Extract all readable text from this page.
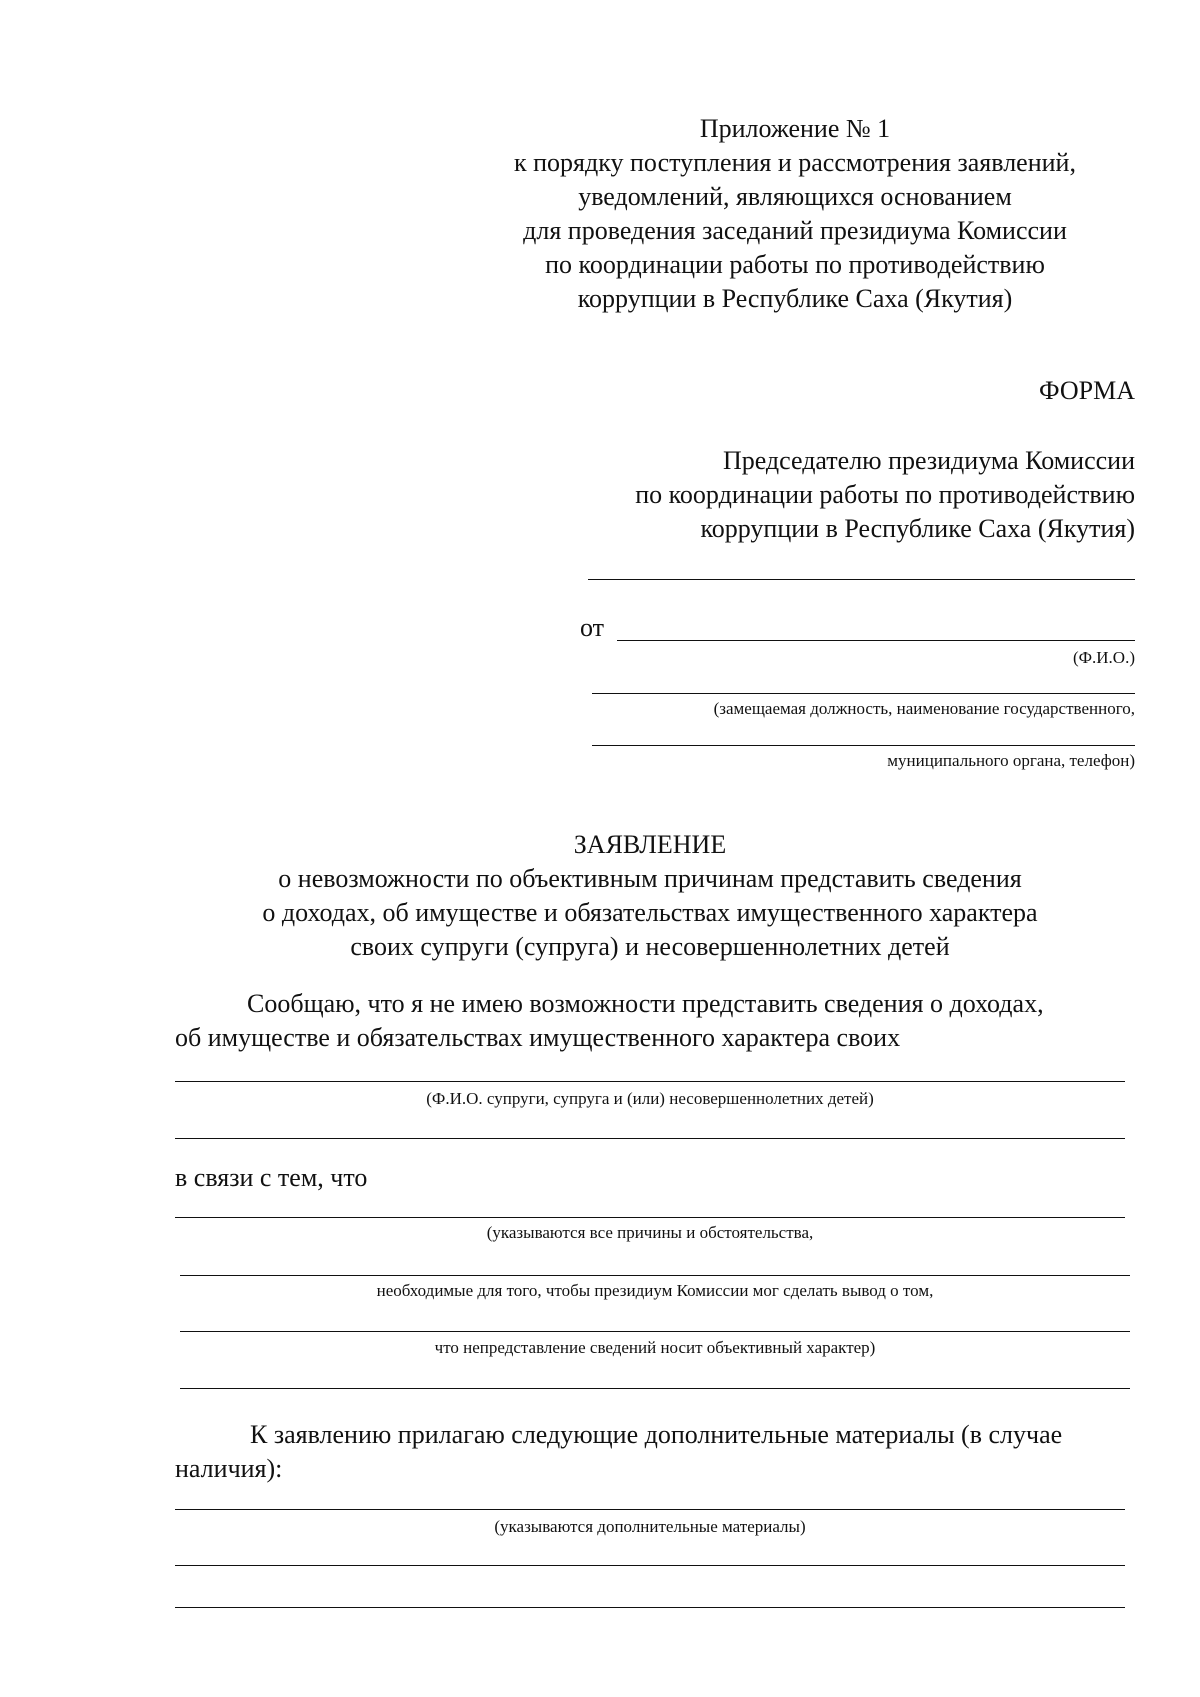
Приложение № 1
к порядку поступления и рассмотрения заявлений,
уведомлений, являющихся основанием
для проведения заседаний президиума Комиссии
по координации работы по противодействию
коррупции в Республике Саха (Якутия)
ФОРМА
Председателю президиума Комиссии
по координации работы по противодействию
коррупции в Республике Саха (Якутия)
от
(Ф.И.О.)
(замещаемая должность, наименование государственного,
муниципального органа, телефон)
ЗАЯВЛЕНИЕ
о невозможности по объективным причинам представить сведения
о доходах, об имуществе и обязательствах имущественного характера
своих супруги (супруга) и несовершеннолетних детей
Сообщаю, что я не имею возможности представить сведения о доходах,
об имуществе и обязательствах имущественного характера своих
(Ф.И.О. супруги, супруга и (или) несовершеннолетних детей)
в связи с тем, что
(указываются все причины и обстоятельства,
необходимые для того, чтобы президиум Комиссии мог сделать вывод о том,
что непредставление сведений носит объективный характер)
К заявлению прилагаю следующие дополнительные материалы (в случае
наличия):
(указываются дополнительные материалы)
